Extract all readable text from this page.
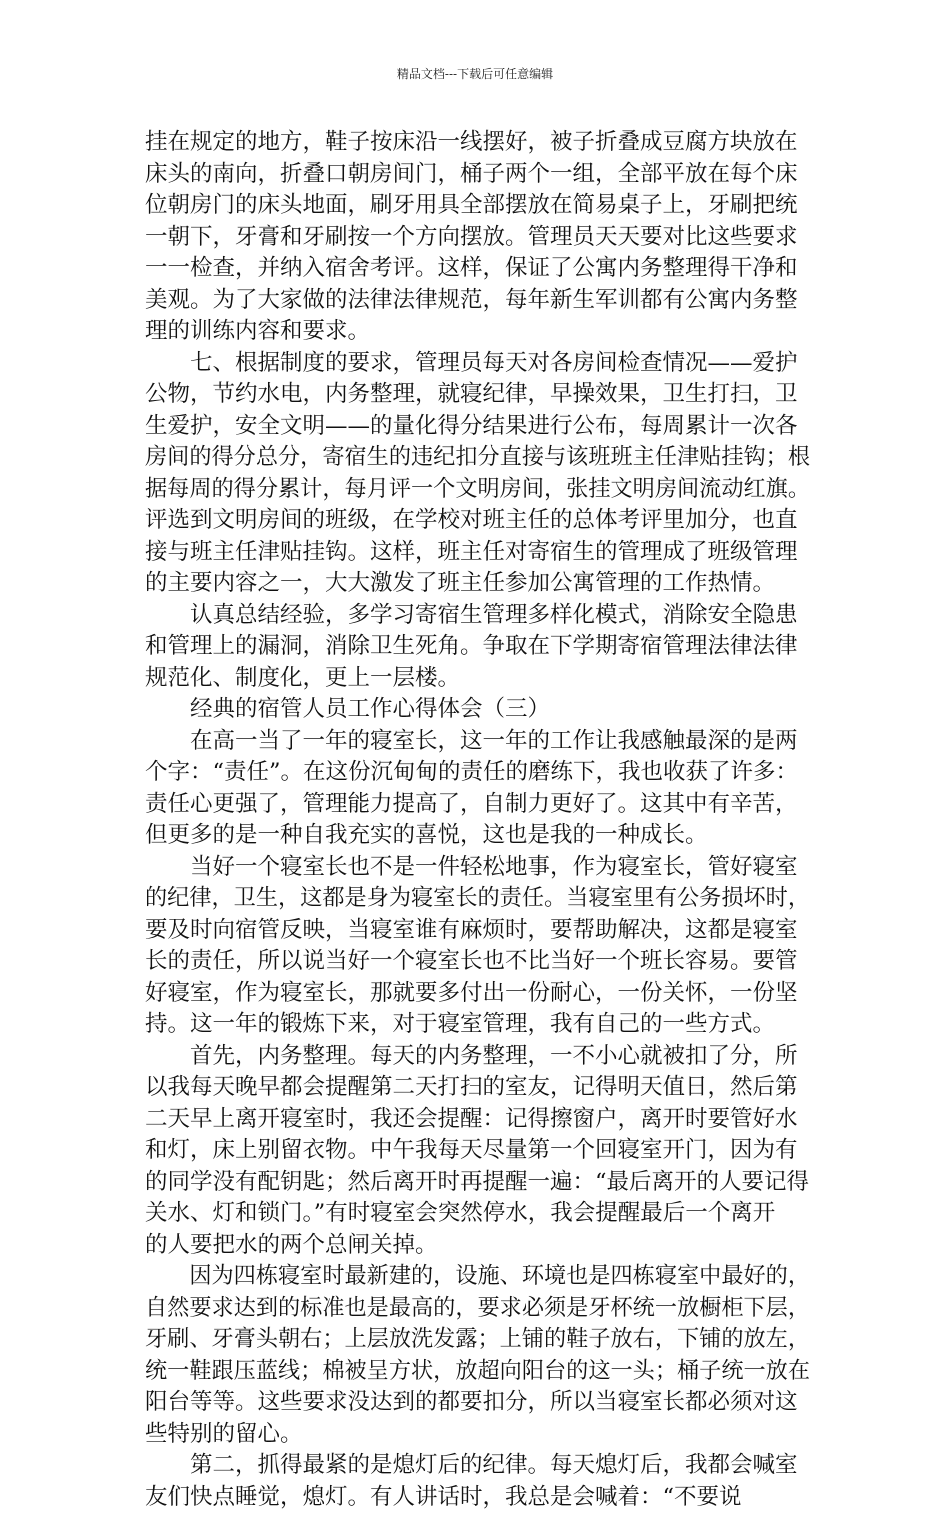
精品文档---下载后可任意编辑
挂在规定的地方，鞋子按床沿一线摆好，被子折叠成豆腐方块放在
床头的南向，折叠口朝房间门，桶子两个一组，全部平放在每个床
位朝房门的床头地面，刷牙用具全部摆放在简易桌子上，牙刷把统
一朝下，牙膏和牙刷按一个方向摆放。管理员天天要对比这些要求
一一检查，并纳入宿舍考评。这样，保证了公寓内务整理得干净和
美观。为了大家做的法律法律规范，每年新生军训都有公寓内务整
理的训练内容和要求。
　　七、根据制度的要求，管理员每天对各房间检查情况——爱护
公物，节约水电，内务整理，就寝纪律，早操效果，卫生打扫，卫
生爱护，安全文明——的量化得分结果进行公布，每周累计一次各
房间的得分总分，寄宿生的违纪扣分直接与该班班主任津贴挂钩；根
据每周的得分累计，每月评一个文明房间，张挂文明房间流动红旗。
评选到文明房间的班级，在学校对班主任的总体考评里加分，也直
接与班主任津贴挂钩。这样，班主任对寄宿生的管理成了班级管理
的主要内容之一，大大激发了班主任参加公寓管理的工作热情。
　　认真总结经验，多学习寄宿生管理多样化模式，消除安全隐患
和管理上的漏洞，消除卫生死角。争取在下学期寄宿管理法律法律
规范化、制度化，更上一层楼。
　　经典的宿管人员工作心得体会（三）
　　在高一当了一年的寝室长，这一年的工作让我感触最深的是两
个字：“责任”。在这份沉甸甸的责任的磨练下，我也收获了许多：
责任心更强了，管理能力提高了，自制力更好了。这其中有辛苦，
但更多的是一种自我充实的喜悦，这也是我的一种成长。
　　当好一个寝室长也不是一件轻松地事，作为寝室长，管好寝室
的纪律，卫生，这都是身为寝室长的责任。当寝室里有公务损坏时，
要及时向宿管反映，当寝室谁有麻烦时，要帮助解决，这都是寝室
长的责任，所以说当好一个寝室长也不比当好一个班长容易。要管
好寝室，作为寝室长，那就要多付出一份耐心，一份关怀，一份坚
持。这一年的锻炼下来，对于寝室管理，我有自己的一些方式。
　　首先，内务整理。每天的内务整理，一不小心就被扣了分，所
以我每天晚早都会提醒第二天打扫的室友，记得明天值日，然后第
二天早上离开寝室时，我还会提醒：记得擦窗户，离开时要管好水
和灯，床上别留衣物。中午我每天尽量第一个回寝室开门，因为有
的同学没有配钥匙；然后离开时再提醒一遍：“最后离开的人要记得
关水、灯和锁门。”有时寝室会突然停水，我会提醒最后一个离开
的人要把水的两个总闸关掉。
　　因为四栋寝室时最新建的，设施、环境也是四栋寝室中最好的，
自然要求达到的标准也是最高的，要求必须是牙杯统一放橱柜下层，
牙刷、牙膏头朝右；上层放洗发露；上铺的鞋子放右，下铺的放左，
统一鞋跟压蓝线；棉被呈方状，放超向阳台的这一头；桶子统一放在
阳台等等。这些要求没达到的都要扣分，所以当寝室长都必须对这
些特别的留心。
　　第二，抓得最紧的是熄灯后的纪律。每天熄灯后，我都会喊室
友们快点睡觉，熄灯。有人讲话时，我总是会喊着：“不要说
